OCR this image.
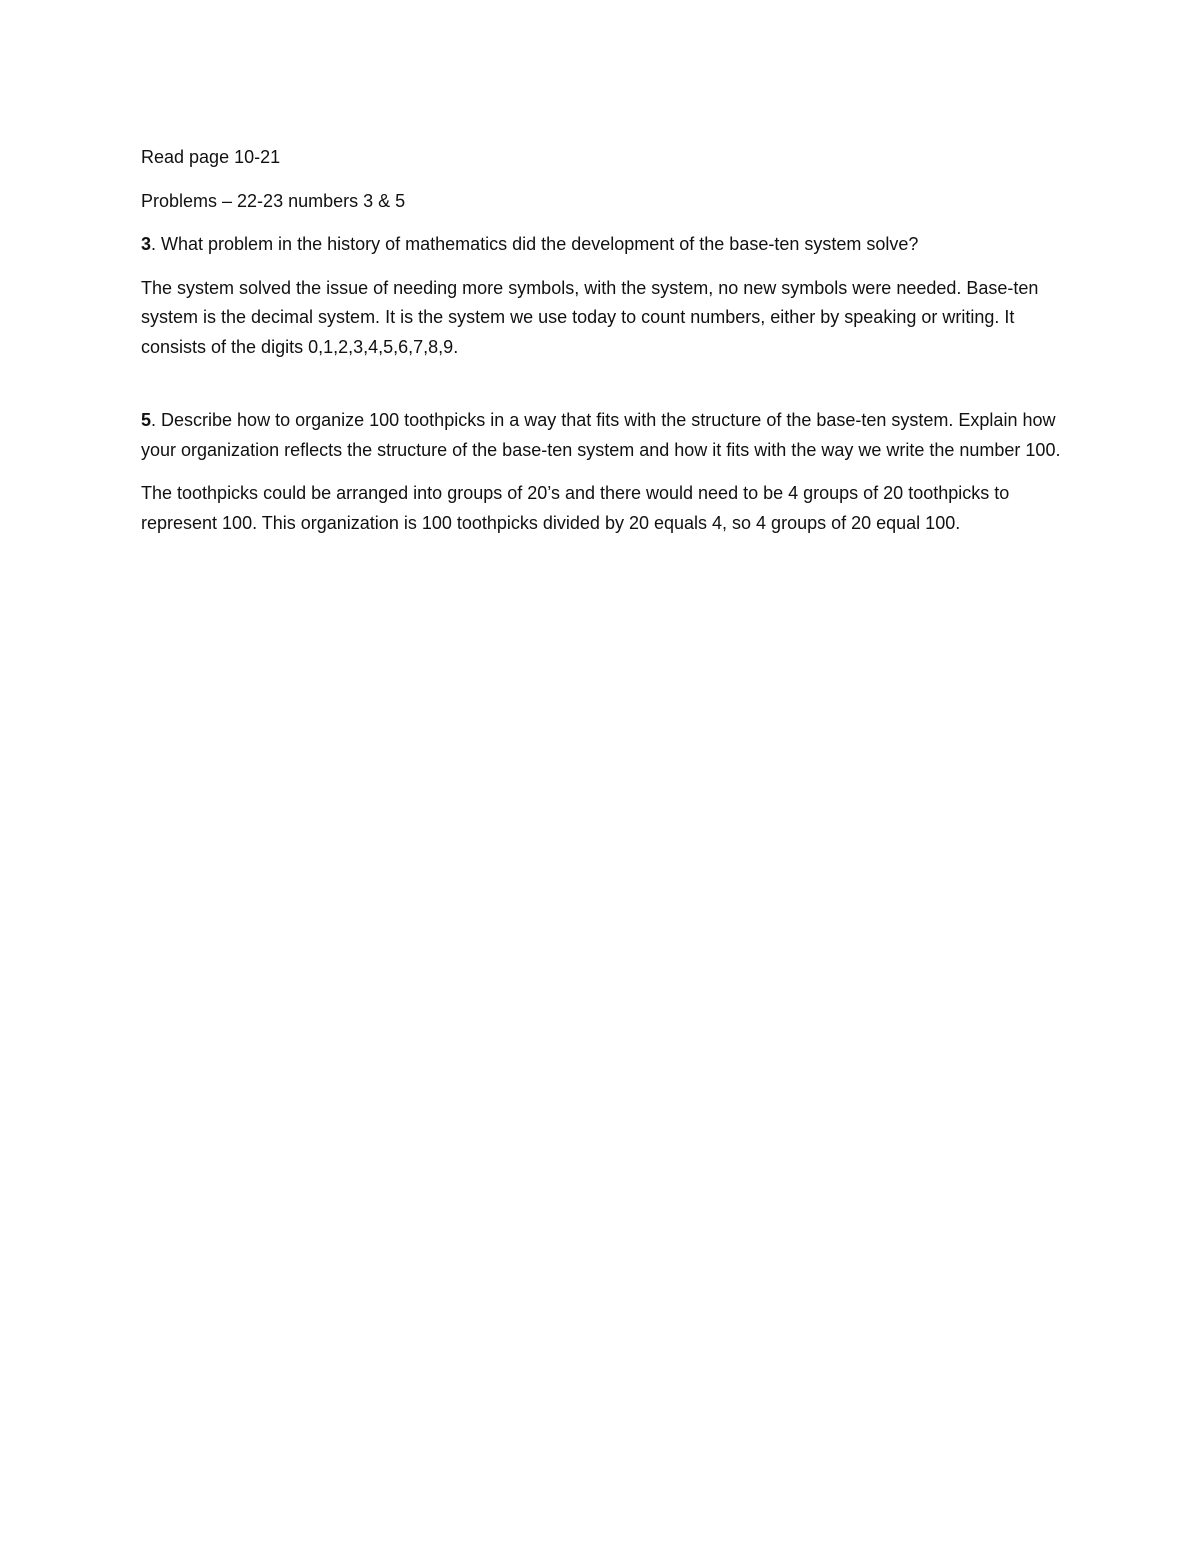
Read page 10-21

Problems – 22-23 numbers 3 & 5

3. What problem in the history of mathematics did the development of the base-ten system solve?

The system solved the issue of needing more symbols, with the system, no new symbols were needed. Base-ten system is the decimal system. It is the system we use today to count numbers, either by speaking or writing. It consists of the digits 0,1,2,3,4,5,6,7,8,9.

5. Describe how to organize 100 toothpicks in a way that fits with the structure of the base-ten system. Explain how your organization reflects the structure of the base-ten system and how it fits with the way we write the number 100.

The toothpicks could be arranged into groups of 20’s and there would need to be 4 groups of 20 toothpicks to represent 100. This organization is 100 toothpicks divided by 20 equals 4, so 4 groups of 20 equal 100.
